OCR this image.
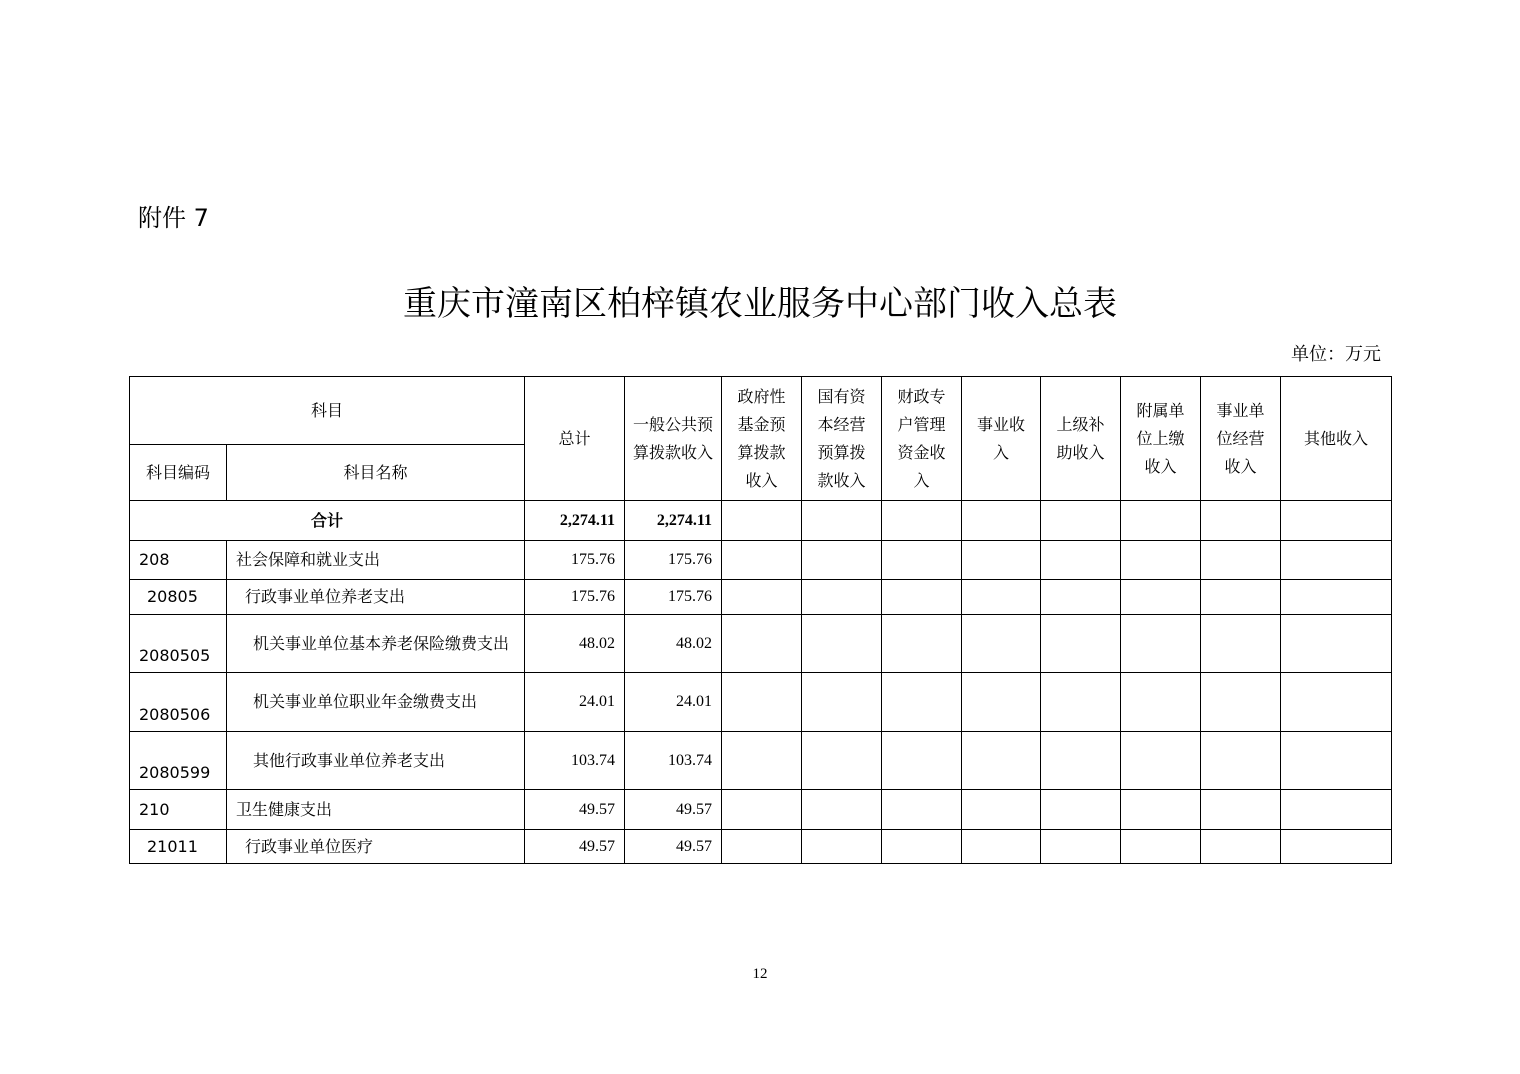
附件 7
重庆市潼南区柏梓镇农业服务中心部门收入总表
单位：万元
科目		总计	一般公共预算拨款收入	政府性基金预算拨款收入	国有资本经营预算拨款收入	财政专户管理资金收入	事业收入	上级补助收入	附属单位上缴收入	事业单位经营收入	其他收入
科目编码	科目名称										
合计		2,274.11	2,274.11								
208	社会保障和就业支出	175.76	175.76								
20805	行政事业单位养老支出	175.76	175.76								
2080505	机关事业单位基本养老保险缴费支出	48.02	48.02								
2080506	机关事业单位职业年金缴费支出	24.01	24.01								
2080599	其他行政事业单位养老支出	103.74	103.74								
210	卫生健康支出	49.57	49.57								
21011	行政事业单位医疗	49.57	49.57								
12
